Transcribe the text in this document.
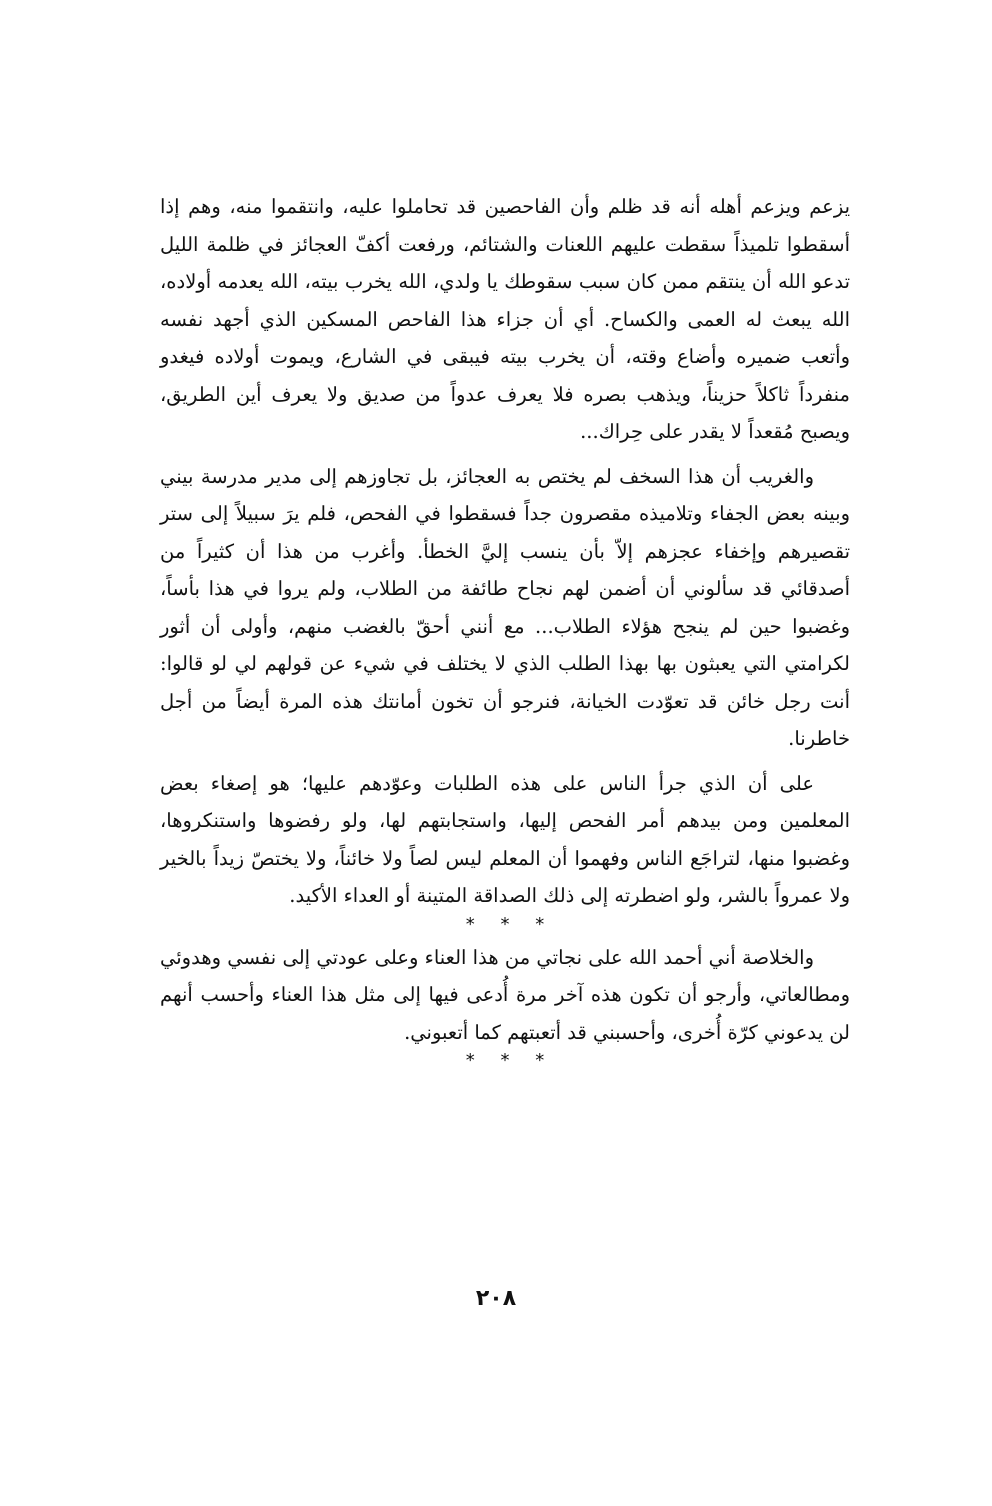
يزعم ويزعم أهله أنه قد ظلم وأن الفاحصين قد تحاملوا عليه، وانتقموا منه، وهم إذا أسقطوا تلميذاً سقطت عليهم اللعنات والشتائم، ورفعت أكفّ العجائز في ظلمة الليل تدعو الله أن ينتقم ممن كان سبب سقوطك يا ولدي، الله يخرب بيته، الله يعدمه أولاده، الله يبعث له العمى والكساح. أي أن جزاء هذا الفاحص المسكين الذي أجهد نفسه وأتعب ضميره وأضاع وقته، أن يخرب بيته فيبقى في الشارع، ويموت أولاده فيغدو منفرداً ثاكلاً حزيناً، ويذهب بصره فلا يعرف عدواً من صديق ولا يعرف أين الطريق، ويصبح مُقعداً لا يقدر على حِراك...

والغريب أن هذا السخف لم يختص به العجائز، بل تجاوزهم إلى مدير مدرسة بيني وبينه بعض الجفاء وتلاميذه مقصرون جداً فسقطوا في الفحص، فلم يرَ سبيلاً إلى ستر تقصيرهم وإخفاء عجزهم إلاّ بأن ينسب إليَّ الخطأ. وأغرب من هذا أن كثيراً من أصدقائي قد سألوني أن أضمن لهم نجاح طائفة من الطلاب، ولم يروا في هذا بأساً، وغضبوا حين لم ينجح هؤلاء الطلاب... مع أنني أحقّ بالغضب منهم، وأولى أن أثور لكرامتي التي يعبثون بها بهذا الطلب الذي لا يختلف في شيء عن قولهم لي لو قالوا: أنت رجل خائن قد تعوّدت الخيانة، فنرجو أن تخون أمانتك هذه المرة أيضاً من أجل خاطرنا.

على أن الذي جرأ الناس على هذه الطلبات وعوّدهم عليها؛ هو إصغاء بعض المعلمين ومن بيدهم أمر الفحص إليها، واستجابتهم لها، ولو رفضوها واستنكروها، وغضبوا منها، لتراجَع الناس وفهموا أن المعلم ليس لصاً ولا خائناً، ولا يختصّ زيداً بالخير ولا عمرواً بالشر، ولو اضطرته إلى ذلك الصداقة المتينة أو العداء الأكيد.

* * *

والخلاصة أني أحمد الله على نجاتي من هذا العناء وعلى عودتي إلى نفسي وهدوئي ومطالعاتي، وأرجو أن تكون هذه آخر مرة أُدعى فيها إلى مثل هذا العناء وأحسب أنهم لن يدعوني كرّة أُخرى، وأحسبني قد أتعبتهم كما أتعبوني.

* * *
٢٠٨
